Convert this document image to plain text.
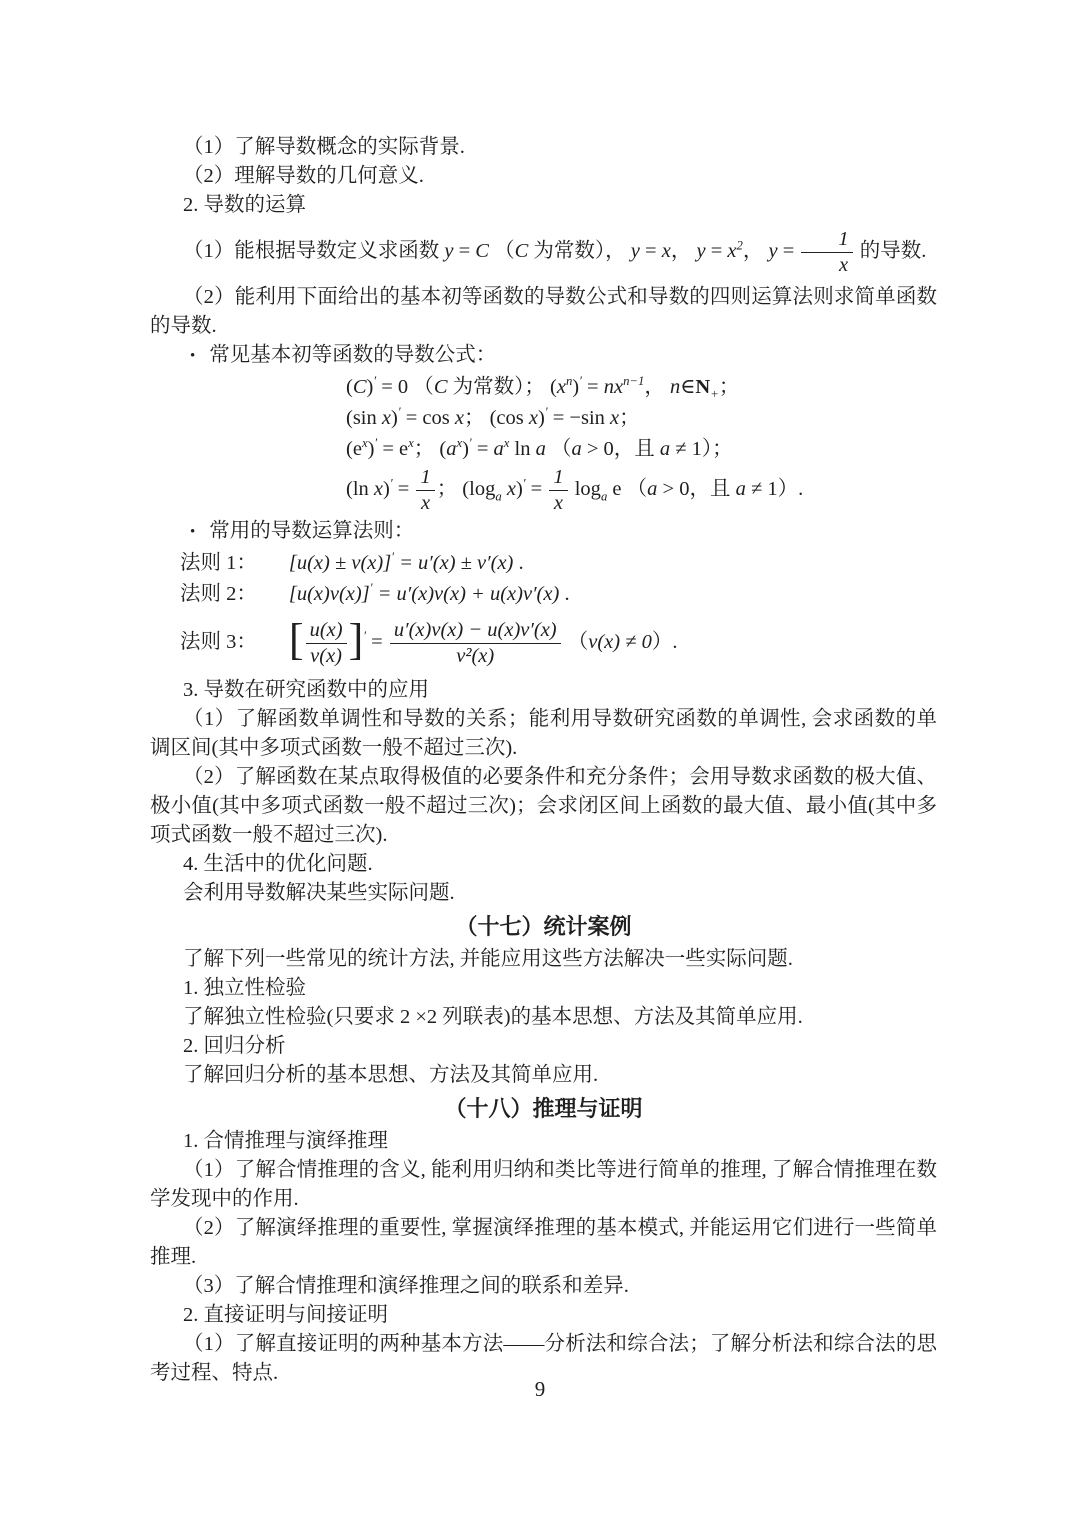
（1）了解导数概念的实际背景.

（2）理解导数的几何意义.

2. 导数的运算

（1）能根据导数定义求函数 y = C （C 为常数）， y = x， $y = x^2$， $y = \frac{1}{x}$ 的导数.

（2）能利用下面给出的基本初等函数的导数公式和导数的四则运算法则求简单函数的导数.

• 常见基本初等函数的导数公式：

(C)′ = 0 （C 为常数）； $(x^n)' = nx^{n-1}$， $n\in N_+$；

(sin x)′ = cos x； (cos x)′ = −sin x；

$(e^x)' = e^x$； $(a^x)' = a^x$ ln a （a > 0，且 a ≠ 1）；

(ln $x)' = \frac{1}{x}$ ； ($\log_a$ $x)' = \frac{1}{x} \log_a e$ （a > 0，且 a ≠ 1）.

• 常用的导数运算法则：

法则 1： [u(x) ± v(x)]′ = u′(x) ± v′(x) .

法则 2： [u(x)v(x)]′ = u′(x)v(x) + u(x)v′(x) .

法则 3： [ $\frac{u(x)}{v(x)} ]' = \frac{u'(x)v(x) - u(x)v'(x)}{\text{v²(x)}} (v(x) \ne 0)$.

3. 导数在研究函数中的应用

（1）了解函数单调性和导数的关系；能利用导数研究函数的单调性, 会求函数的单调区间(其中多项式函数一般不超过三次).

（2）了解函数在某点取得极值的必要条件和充分条件；会用导数求函数的极大值、极小值(其中多项式函数一般不超过三次)；会求闭区间上函数的最大值、最小值(其中多项式函数一般不超过三次).

4. 生活中的优化问题.

会利用导数解决某些实际问题.

（十七）统计案例

了解下列一些常见的统计方法, 并能应用这些方法解决一些实际问题.

1. 独立性检验

了解独立性检验(只要求 2 ×2 列联表)的基本思想、方法及其简单应用.

2. 回归分析

了解回归分析的基本思想、方法及其简单应用.

（十八）推理与证明

1. 合情推理与演绎推理

（1）了解合情推理的含义, 能利用归纳和类比等进行简单的推理, 了解合情推理在数学发现中的作用.

（2）了解演绎推理的重要性, 掌握演绎推理的基本模式, 并能运用它们进行一些简单推理.

（3）了解合情推理和演绎推理之间的联系和差异.

2. 直接证明与间接证明

（1）了解直接证明的两种基本方法——分析法和综合法；了解分析法和综合法的思考过程、特点.

9
